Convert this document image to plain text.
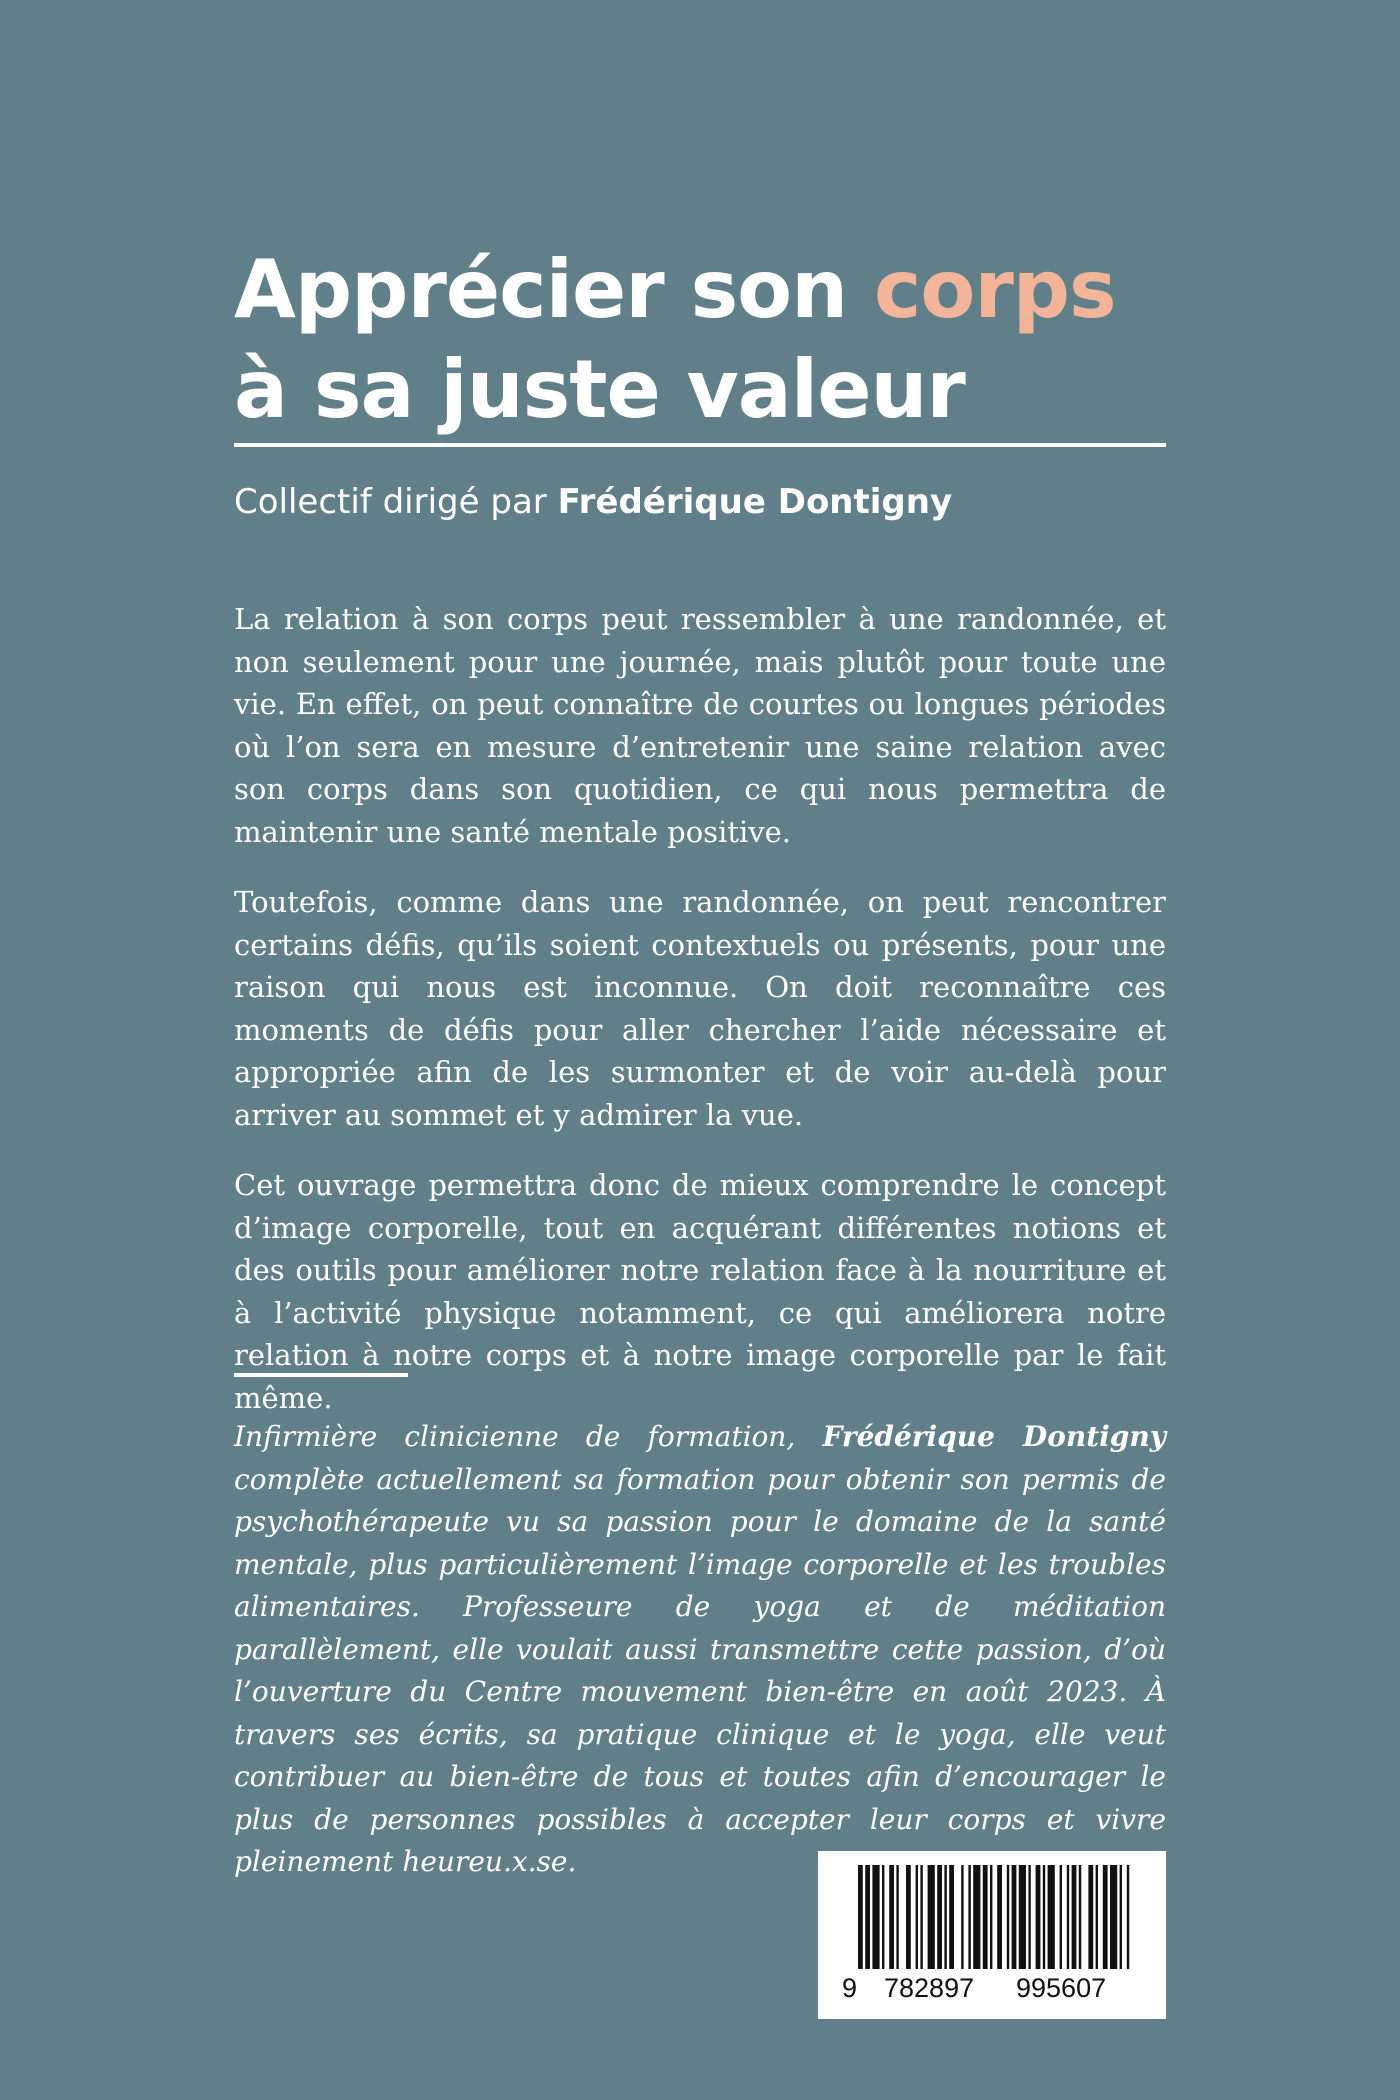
Apprécier son corps
à sa juste valeur

Collectif dirigé par Frédérique Dontigny

La relation à son corps peut ressembler à une randonnée, et non seulement pour une journée, mais plutôt pour toute une vie. En effet, on peut connaître de courtes ou longues périodes où l’on sera en mesure d’entretenir une saine relation avec son corps dans son quotidien, ce qui nous permettra de maintenir une santé mentale positive.

Toutefois, comme dans une randonnée, on peut rencontrer certains défis, qu’ils soient contextuels ou présents, pour une raison qui nous est inconnue. On doit reconnaître ces moments de défis pour aller chercher l’aide nécessaire et appropriée afin de les surmonter et de voir au-delà pour arriver au sommet et y admirer la vue.

Cet ouvrage permettra donc de mieux comprendre le concept d’image corporelle, tout en acquérant différentes notions et des outils pour améliorer notre relation face à la nourriture et à l’activité physique notamment, ce qui améliorera notre relation à notre corps et à notre image corporelle par le fait même.

Infirmière clinicienne de formation, Frédérique Dontigny complète actuellement sa formation pour obtenir son permis de psychothérapeute vu sa passion pour le domaine de la santé mentale, plus particulièrement l’image corporelle et les troubles alimentaires. Professeure de yoga et de méditation parallèlement, elle voulait aussi transmettre cette passion, d’où l’ouverture du Centre mouvement bien-être en août 2023. À travers ses écrits, sa pratique clinique et le yoga, elle veut contribuer au bien-être de tous et toutes afin d’encourager le plus de personnes possibles à accepter leur corps et vivre pleinement heureu.x.se.

9 782897 995607
